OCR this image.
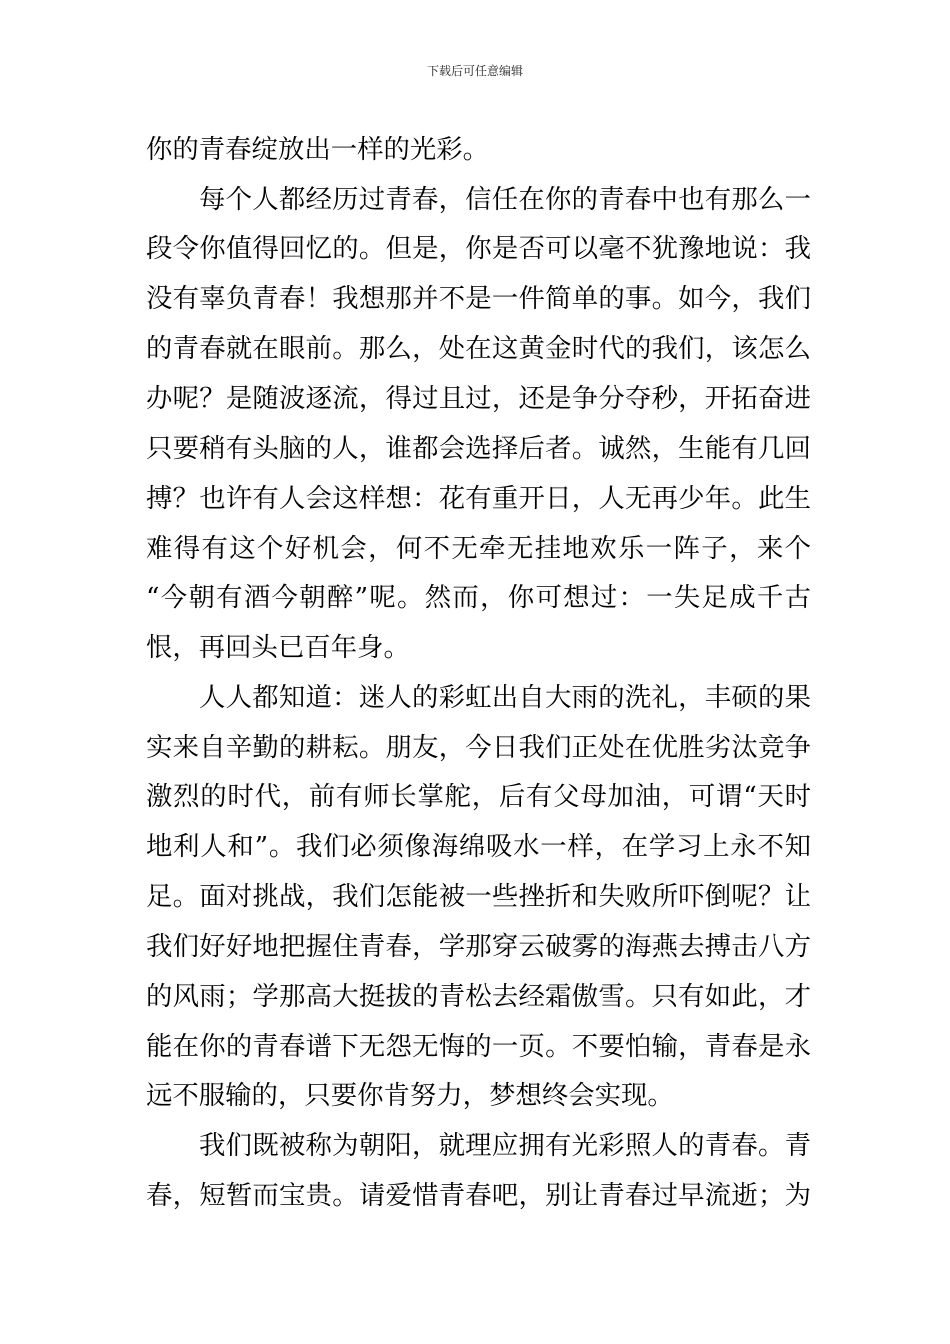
下载后可任意编辑
你的青春绽放出一样的光彩。
每个人都经历过青春，信任在你的青春中也有那么一
段令你值得回忆的。但是，你是否可以毫不犹豫地说：我
没有辜负青春！我想那并不是一件简单的事。如今，我们
的青春就在眼前。那么，处在这黄金时代的我们，该怎么
办呢？是随波逐流，得过且过，还是争分夺秒，开拓奋进
只要稍有头脑的人，谁都会选择后者。诚然，生能有几回
搏？也许有人会这样想：花有重开日，人无再少年。此生
难得有这个好机会，何不无牵无挂地欢乐一阵子，来个
“今朝有酒今朝醉”呢。然而，你可想过：一失足成千古
恨，再回头已百年身。
人人都知道：迷人的彩虹出自大雨的洗礼，丰硕的果
实来自辛勤的耕耘。朋友，今日我们正处在优胜劣汰竞争
激烈的时代，前有师长掌舵，后有父母加油，可谓“天时
地利人和”。我们必须像海绵吸水一样，在学习上永不知
足。面对挑战，我们怎能被一些挫折和失败所吓倒呢？让
我们好好地把握住青春，学那穿云破雾的海燕去搏击八方
的风雨；学那高大挺拔的青松去经霜傲雪。只有如此，才
能在你的青春谱下无怨无悔的一页。不要怕输，青春是永
远不服输的，只要你肯努力，梦想终会实现。
我们既被称为朝阳，就理应拥有光彩照人的青春。青
春，短暂而宝贵。请爱惜青春吧，别让青春过早流逝；为
